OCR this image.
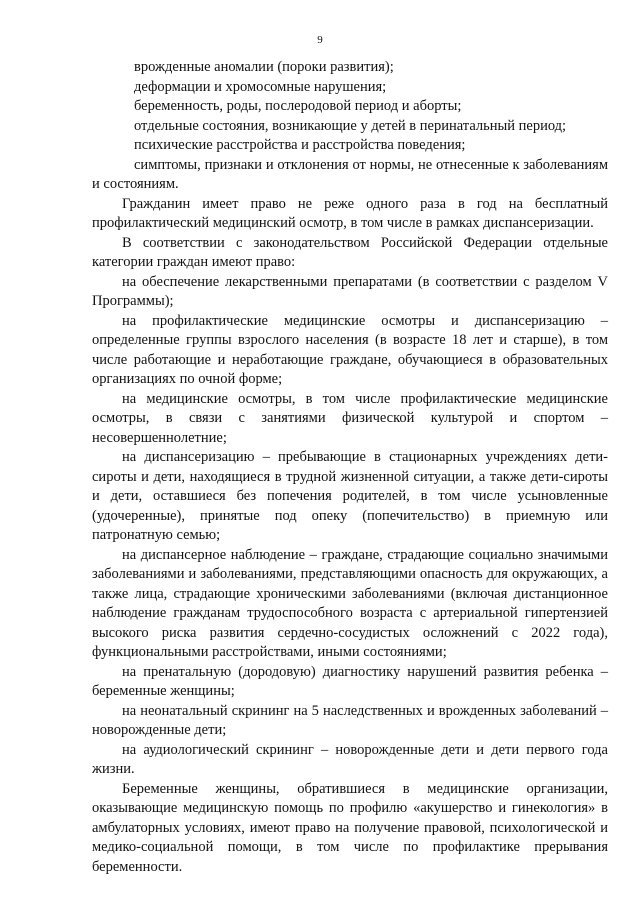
9

врожденные аномалии (пороки развития);

деформации и хромосомные нарушения;

беременность, роды, послеродовой период и аборты;

отдельные состояния, возникающие у детей в перинатальный период;

психические расстройства и расстройства поведения;

симптомы, признаки и отклонения от нормы, не отнесенные к заболеваниям и состояниям.

Гражданин имеет право не реже одного раза в год на бесплатный профилактический медицинский осмотр, в том числе в рамках диспансеризации.

В соответствии с законодательством Российской Федерации отдельные категории граждан имеют право:

на обеспечение лекарственными препаратами (в соответствии с разделом V Программы);

на профилактические медицинские осмотры и диспансеризацию – определенные группы взрослого населения (в возрасте 18 лет и старше), в том числе работающие и неработающие граждане, обучающиеся в образовательных организациях по очной форме;

на медицинские осмотры, в том числе профилактические медицинские осмотры, в связи с занятиями физической культурой и спортом – несовершеннолетние;

на диспансеризацию – пребывающие в стационарных учреждениях дети-сироты и дети, находящиеся в трудной жизненной ситуации, а также дети-сироты и дети, оставшиеся без попечения родителей, в том числе усыновленные (удочеренные), принятые под опеку (попечительство) в приемную или патронатную семью;

на диспансерное наблюдение – граждане, страдающие социально значимыми заболеваниями и заболеваниями, представляющими опасность для окружающих, а также лица, страдающие хроническими заболеваниями (включая дистанционное наблюдение гражданам трудоспособного возраста с артериальной гипертензией высокого риска развития сердечно-сосудистых осложнений с 2022 года), функциональными расстройствами, иными состояниями;

на пренатальную (дородовую) диагностику нарушений развития ребенка – беременные женщины;

на неонатальный скрининг на 5 наследственных и врожденных заболеваний – новорожденные дети;

на аудиологический скрининг – новорожденные дети и дети первого года жизни.

Беременные женщины, обратившиеся в медицинские организации, оказывающие медицинскую помощь по профилю «акушерство и гинекология» в амбулаторных условиях, имеют право на получение правовой, психологической и медико-социальной помощи, в том числе по профилактике прерывания беременности.
